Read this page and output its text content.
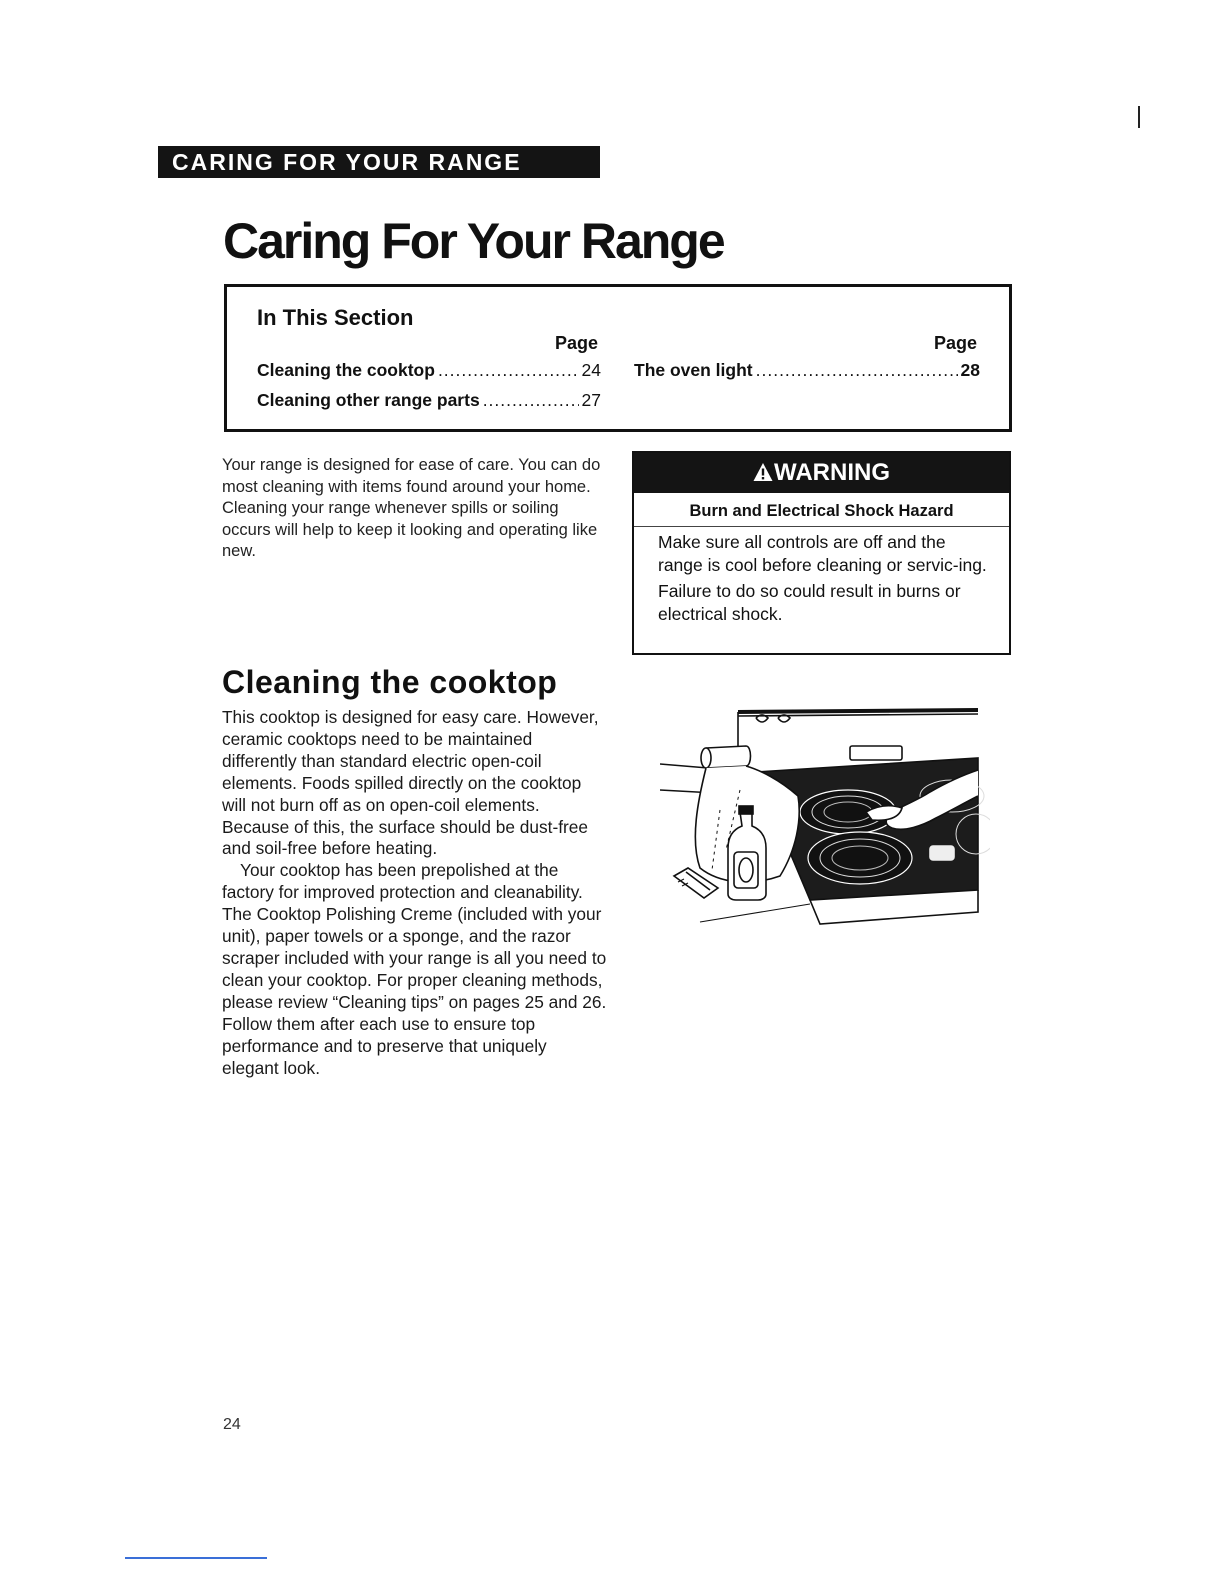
CARING FOR YOUR RANGE
Caring For Your Range
In This Section
Page	Page
Cleaning the cooktop .....	24
Cleaning other range parts .....	27
The oven light .....	28

Your range is designed for ease of care. You can do most cleaning with items found around your home. Cleaning your range whenever spills or soiling occurs will help to keep it looking and operating like new.

WARNING

Burn and Electrical Shock Hazard

Make sure all controls are off and the range is cool before cleaning or servic-ing.

Failure to do so could result in burns or electrical shock.

Cleaning the cooktop

This cooktop is designed for easy care. However, ceramic cooktops need to be maintained differently than standard electric open-coil elements. Foods spilled directly on the cooktop will not burn off as on open-coil elements. Because of this, the surface should be dust-free and soil-free before heating.

Your cooktop has been prepolished at the factory for improved protection and cleanability. The Cooktop Polishing Creme (included with your unit), paper towels or a sponge, and the razor scraper included with your range is all you need to clean your cooktop. For proper cleaning methods, please review “Cleaning tips” on pages 25 and 26. Follow them after each use to ensure top performance and to preserve that uniquely elegant look.

24
